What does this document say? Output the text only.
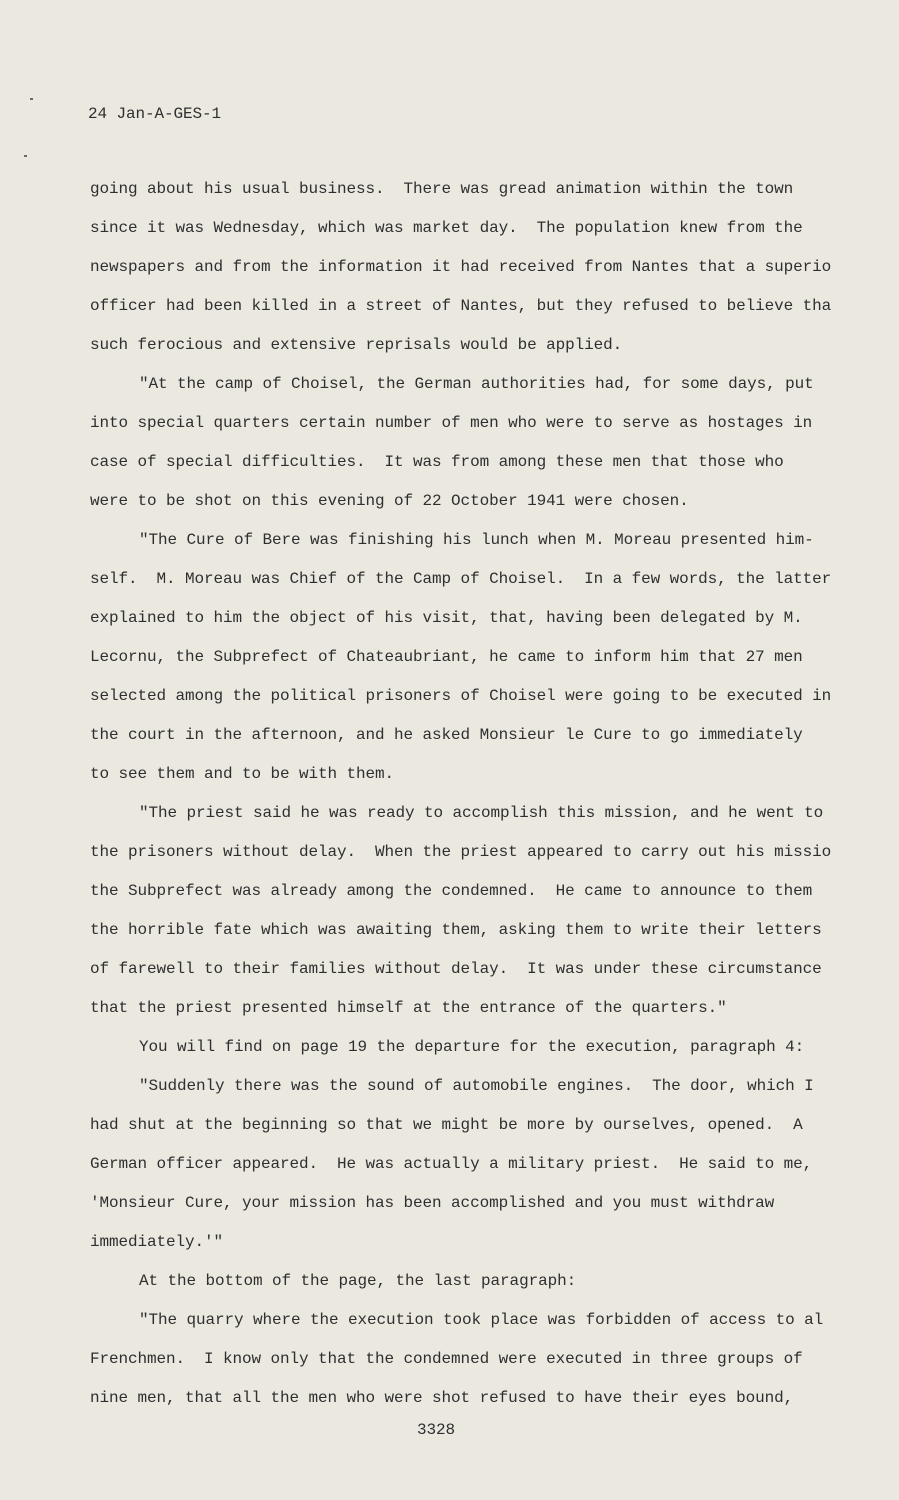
24 Jan-A-GES-1
going about his usual business.  There was gread animation within the town
since it was Wednesday, which was market day.  The population knew from the
newspapers and from the information it had received from Nantes that a superio
officer had been killed in a street of Nantes, but they refused to believe tha
such ferocious and extensive reprisals would be applied.
"At the camp of Choisel, the German authorities had, for some days, put
into special quarters certain number of men who were to serve as hostages in
case of special difficulties.  It was from among these men that those who
were to be shot on this evening of 22 October 1941 were chosen.
"The Cure of Bere was finishing his lunch when M. Moreau presented him-
self.  M. Moreau was Chief of the Camp of Choisel.  In a few words, the latter
explained to him the object of his visit, that, having been delegated by M.
Lecornu, the Subprefect of Chateaubriant, he came to inform him that 27 men
selected among the political prisoners of Choisel were going to be executed in
the court in the afternoon, and he asked Monsieur le Cure to go immediately
to see them and to be with them.
"The priest said he was ready to accomplish this mission, and he went to
the prisoners without delay.  When the priest appeared to carry out his missio
the Subprefect was already among the condemned.  He came to announce to them
the horrible fate which was awaiting them, asking them to write their letters
of farewell to their families without delay.  It was under these circumstance
that the priest presented himself at the entrance of the quarters."
You will find on page 19 the departure for the execution, paragraph 4:
"Suddenly there was the sound of automobile engines.  The door, which I
had shut at the beginning so that we might be more by ourselves, opened.  A
German officer appeared.  He was actually a military priest.  He said to me,
'Monsieur Cure, your mission has been accomplished and you must withdraw
immediately.'"
At the bottom of the page, the last paragraph:
"The quarry where the execution took place was forbidden of access to al
Frenchmen.  I know only that the condemned were executed in three groups of
nine men, that all the men who were shot refused to have their eyes bound,
3328
